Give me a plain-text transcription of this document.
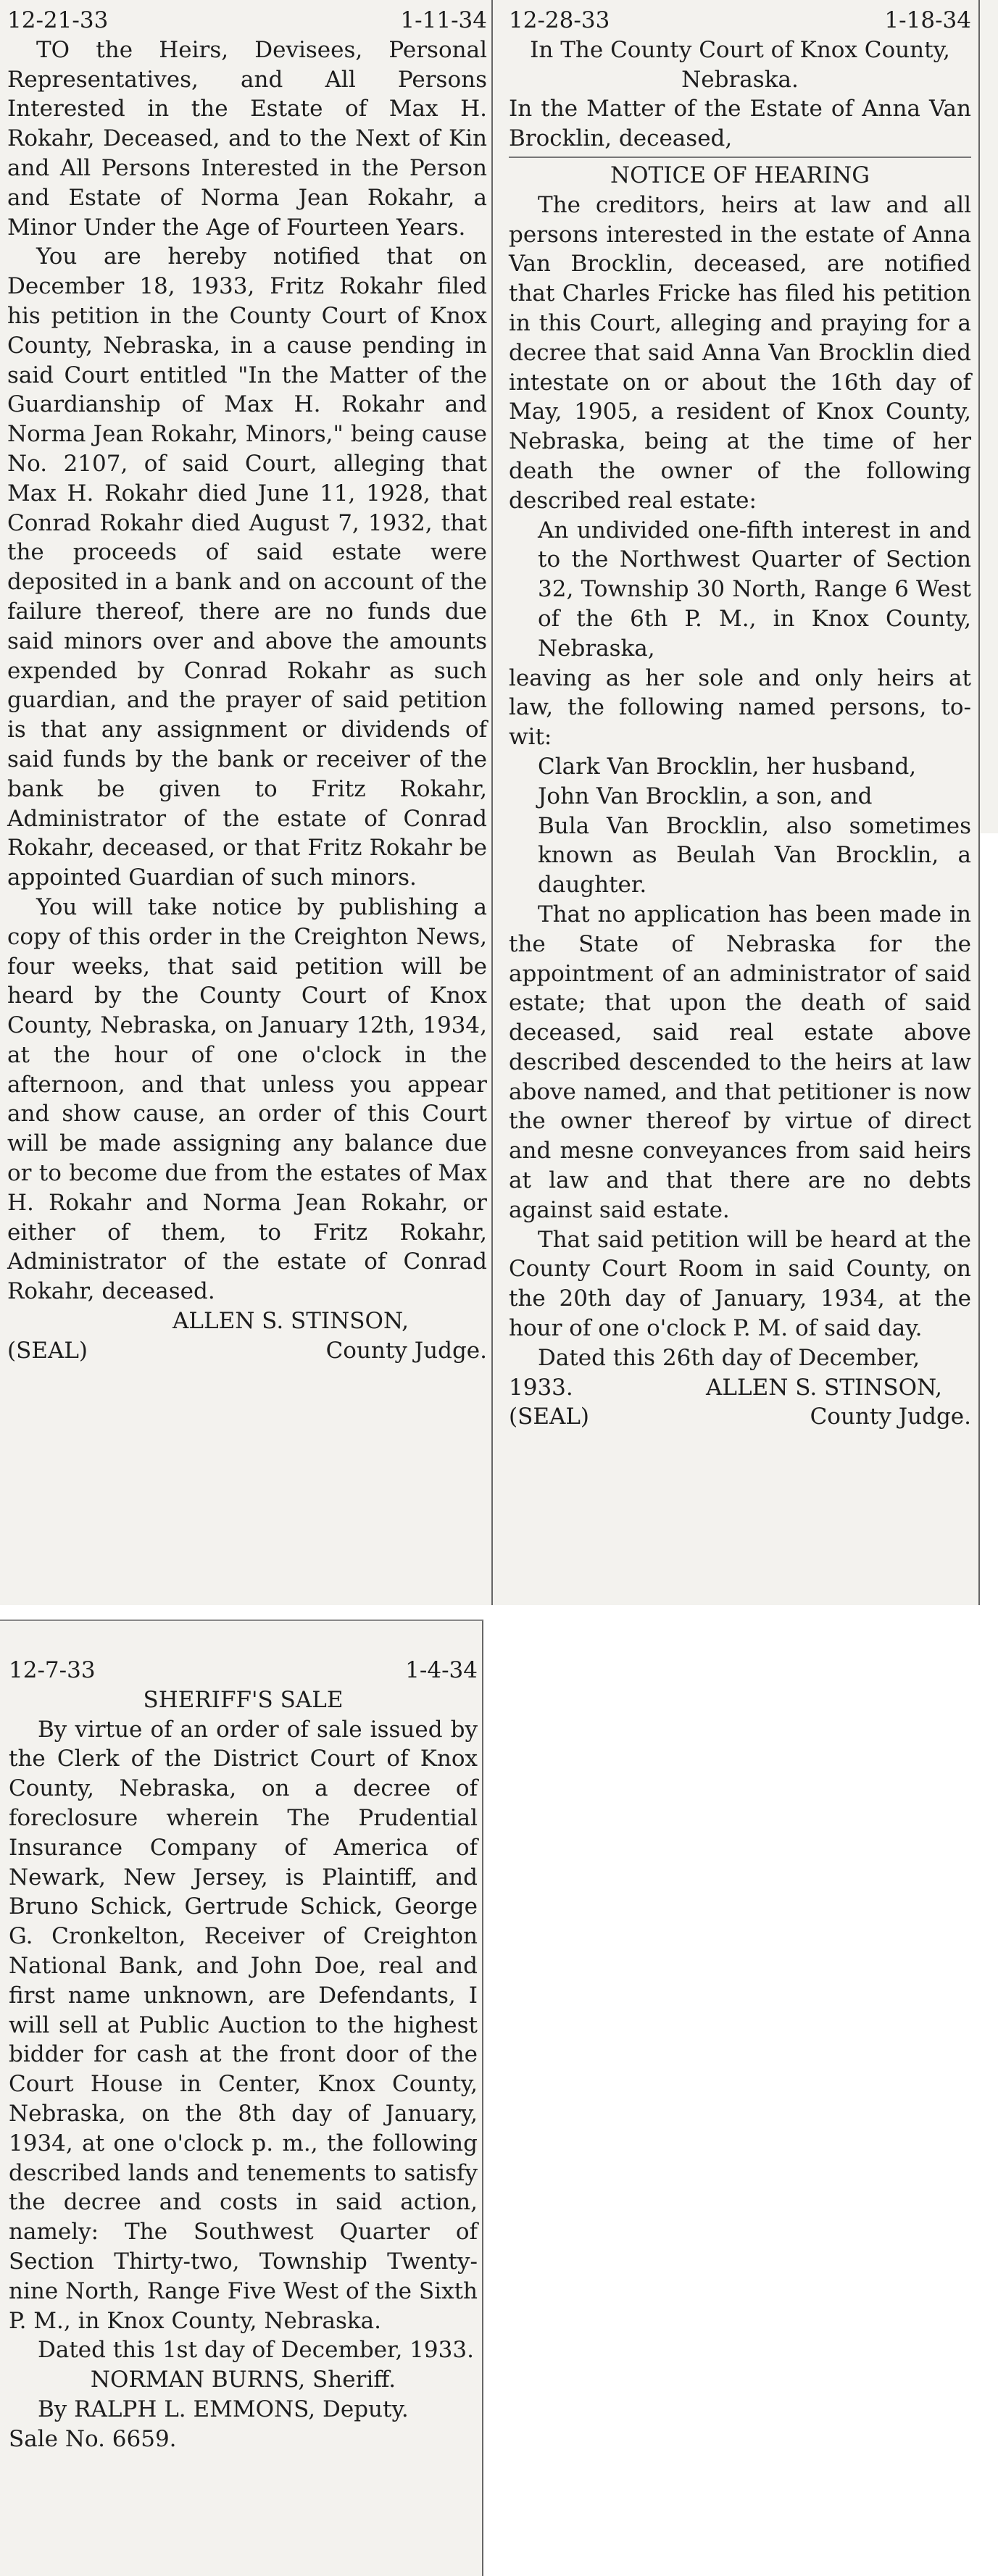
12-21-33	1-11-34

TO the Heirs, Devisees, Personal Representatives, and All Persons Interested in the Estate of Max H. Rokahr, Deceased, and to the Next of Kin and All Persons Interested in the Person and Estate of Norma Jean Rokahr, a Minor Under the Age of Fourteen Years.

You are hereby notified that on December 18, 1933, Fritz Rokahr filed his petition in the County Court of Knox County, Nebraska, in a cause pending in said Court entitled "In the Matter of the Guardianship of Max H. Rokahr and Norma Jean Rokahr, Minors," being cause No. 2107, of said Court, alleging that Max H. Rokahr died June 11, 1928, that Conrad Rokahr died August 7, 1932, that the proceeds of said estate were deposited in a bank and on account of the failure thereof, there are no funds due said minors over and above the amounts expended by Conrad Rokahr as such guardian, and the prayer of said petition is that any assignment or dividends of said funds by the bank or receiver of the bank be given to Fritz Rokahr, Administrator of the estate of Conrad Rokahr, deceased, or that Fritz Rokahr be appointed Guardian of such minors.

You will take notice by publishing a copy of this order in the Creighton News, four weeks, that said petition will be heard by the County Court of Knox County, Nebraska, on January 12th, 1934, at the hour of one o'clock in the afternoon, and that unless you appear and show cause, an order of this Court will be made assigning any balance due or to become due from the estates of Max H. Rokahr and Norma Jean Rokahr, or either of them, to Fritz Rokahr, Administrator of the estate of Conrad Rokahr, deceased.

ALLEN S. STINSON,
(SEAL)	County Judge.
12-28-33	1-18-34
In The County Court of Knox County,
Nebraska.

In the Matter of the Estate of Anna Van Brocklin, deceased,

NOTICE OF HEARING

The creditors, heirs at law and all persons interested in the estate of Anna Van Brocklin, deceased, are notified that Charles Fricke has filed his petition in this Court, alleging and praying for a decree that said Anna Van Brocklin died intestate on or about the 16th day of May, 1905, a resident of Knox County, Nebraska, being at the time of her death the owner of the following described real estate:

An undivided one-fifth interest in and to the Northwest Quarter of Section 32, Township 30 North, Range 6 West of the 6th P. M., in Knox County, Nebraska,

leaving as her sole and only heirs at law, the following named persons, to-wit:

Clark Van Brocklin, her husband,
John Van Brocklin, a son, and
Bula Van Brocklin, also sometimes known as Beulah Van Brocklin, a daughter.

That no application has been made in the State of Nebraska for the appointment of an administrator of said estate; that upon the death of said deceased, said real estate above described descended to the heirs at law above named, and that petitioner is now the owner thereof by virtue of direct and mesne conveyances from said heirs at law and that there are no debts against said estate.

That said petition will be heard at the County Court Room in said County, on the 20th day of January, 1934, at the hour of one o'clock P. M. of said day.

Dated this 26th day of December,

1933.	ALLEN S. STINSON,
(SEAL)	County Judge.
12-7-33	1-4-34
SHERIFF'S SALE

By virtue of an order of sale issued by the Clerk of the District Court of Knox County, Nebraska, on a decree of foreclosure wherein The Prudential Insurance Company of America of Newark, New Jersey, is Plaintiff, and Bruno Schick, Gertrude Schick, George G. Cronkelton, Receiver of Creighton National Bank, and John Doe, real and first name unknown, are Defendants, I will sell at Public Auction to the highest bidder for cash at the front door of the Court House in Center, Knox County, Nebraska, on the 8th day of January, 1934, at one o'clock p. m., the following described lands and tenements to satisfy the decree and costs in said action, namely: The Southwest Quarter of Section Thirty-two, Township Twenty-nine North, Range Five West of the Sixth P. M., in Knox County, Nebraska.

Dated this 1st day of December, 1933.

NORMAN BURNS, Sheriff.

By RALPH L. EMMONS, Deputy.

Sale No. 6659.
